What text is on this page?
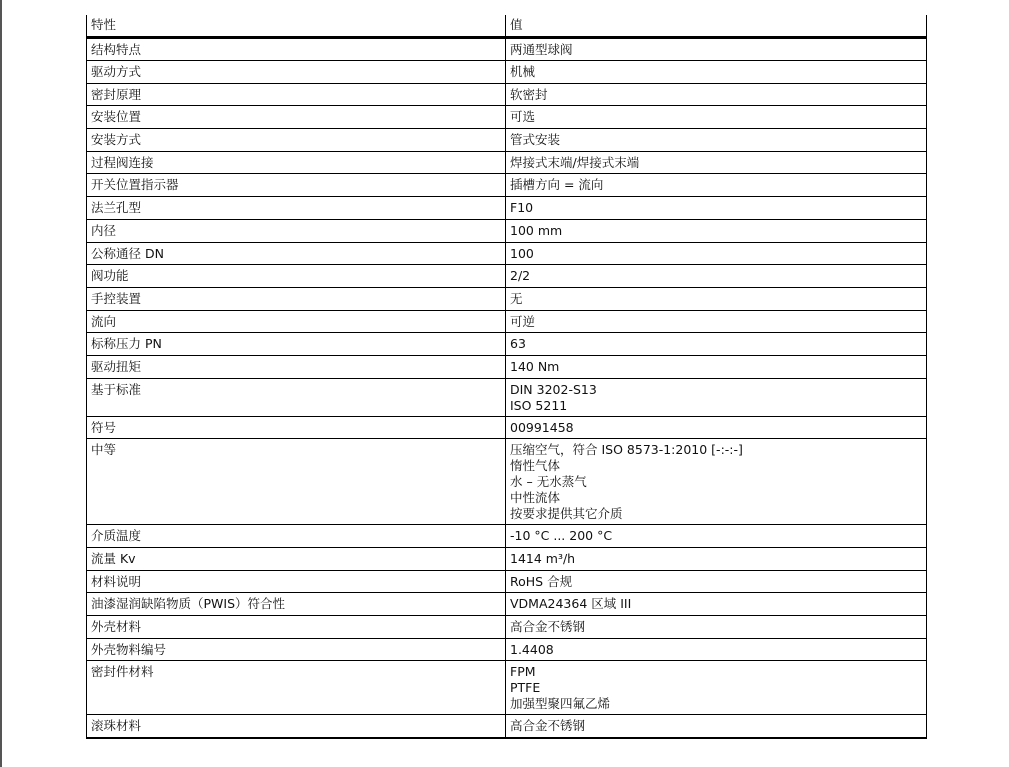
特性	值
结构特点	两通型球阀

驱动方式	机械

密封原理	软密封

安装位置	可选

安装方式	管式安装

过程阀连接	焊接式末端/焊接式末端

开关位置指示器	插槽方向 = 流向

法兰孔型	F10

内径	100 mm

公称通径 DN	100

阀功能	2/2

手控装置	无

流向	可逆

标称压力 PN	63

驱动扭矩	140 Nm

基于标准	DIN 3202-S13
ISO 5211

符号	00991458

中等	压缩空气，符合 ISO 8573-1:2010 [-:-:-]
惰性气体
水 – 无水蒸气
中性流体
按要求提供其它介质

介质温度	-10 °C ... 200 °C

流量 Kv	1414 m³/h

材料说明	RoHS 合规

油漆湿润缺陷物质（PWIS）符合性	VDMA24364 区域 III

外壳材料	高合金不锈钢

外壳物料编号	1.4408

密封件材料	FPM
PTFE
加强型聚四氟乙烯

滚珠材料	高合金不锈钢
